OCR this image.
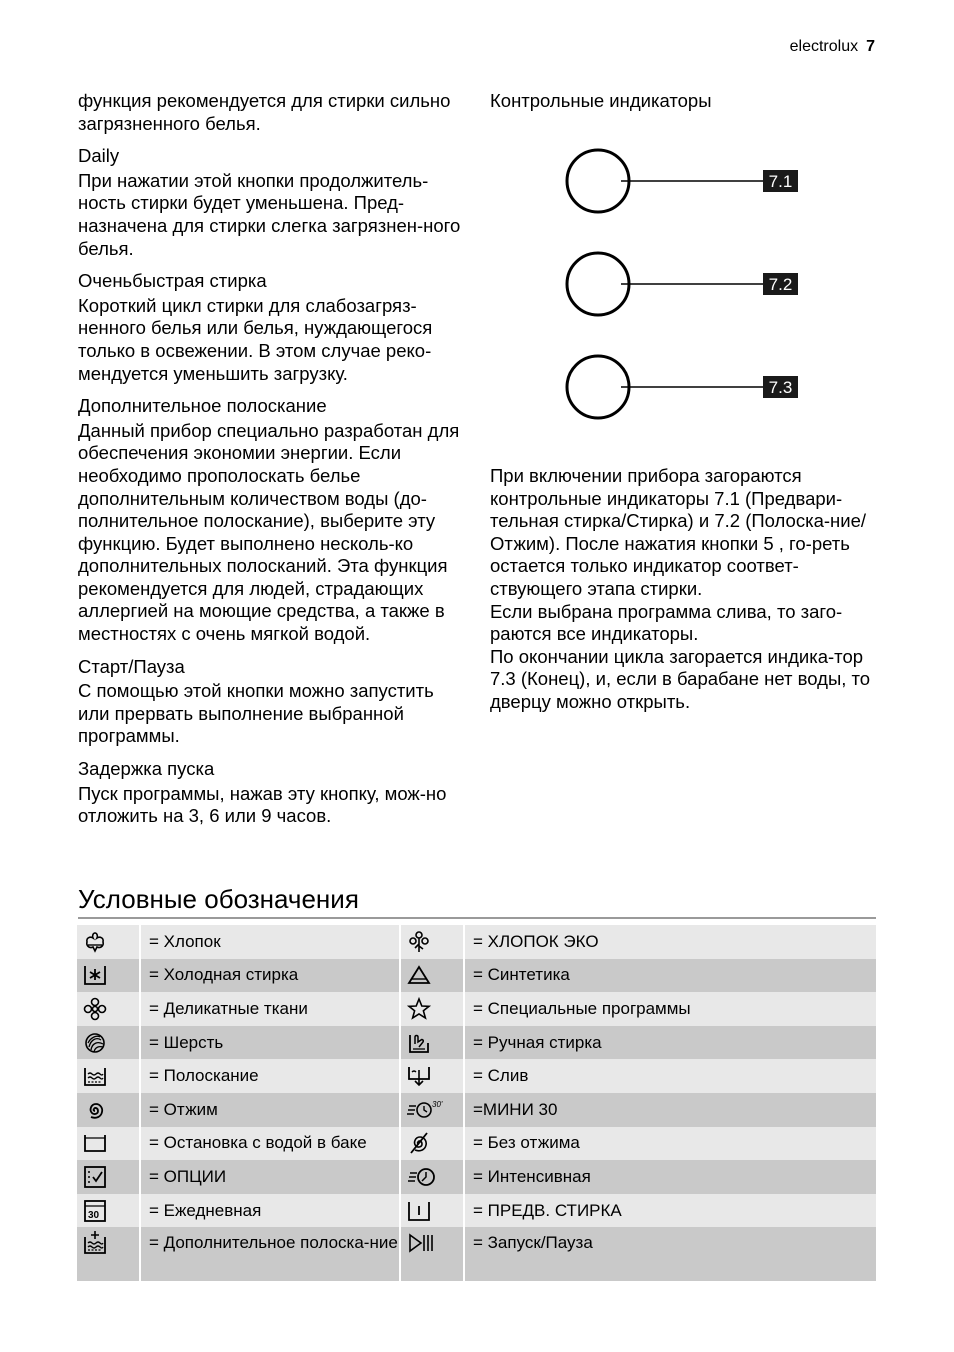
electrolux 7

функция рекомендуется для стирки сильно загрязненного белья.

Daily

При нажатии этой кнопки продолжитель-ность стирки будет уменьшена. Пред-назначена для стирки слегка загрязнен-ного белья.

Оченьбыстрая стирка

Короткий цикл стирки для слабозагряз-ненного белья или белья, нуждающегося только в освежении. В этом случае реко-мендуется уменьшить загрузку.

Дополнительное полоскание

Данный прибор специально разработан для обеспечения экономии энергии. Если необходимо прополоскать белье дополнительным количеством воды (до-полнительное полоскание), выберите эту функцию. Будет выполнено несколь-ко дополнительных полосканий. Эта функция рекомендуется для людей, страдающих аллергией на моющие средства, а также в местностях с очень мягкой водой.

Старт/Пауза

С помощью этой кнопки можно запустить или прервать выполнение выбранной программы.

Задержка пуска

Пуск программы, нажав эту кнопку, мож-но отложить на 3, 6 или 9 часов.

Контрольные индикаторы
7.1
7.2
7.3

При включении прибора загораются контрольные индикаторы 7.1 (Предвари-тельная стирка/Стирка) и 7.2 (Полоска-ние/Отжим). После нажатия кнопки 5 , го-реть остается только индикатор соответ-ствующего этапа стирки.

Если выбрана программа слива, то заго-раются все индикаторы.

По окончании цикла загорается индика-тор 7.3 (Конец), и, если в барабане нет воды, то дверцу можно открыть.

Условные обозначения
	= Хлопок		= ХЛОПОК ЭКО

	= Холодная стирка		= Синтетика

	= Деликатные ткани		= Специальные программы

	= Шерсть		= Ручная стирка

	= Полоскание		= Слив

	= Отжим	30'	=МИНИ 30

	= Остановка с водой в баке		= Без отжима

	= ОПЦИИ		= Интенсивная

30	= Ежедневная		= ПРЕДВ. СТИРКА

	= Дополнительное полоска-ние		= Запуск/Пауза
